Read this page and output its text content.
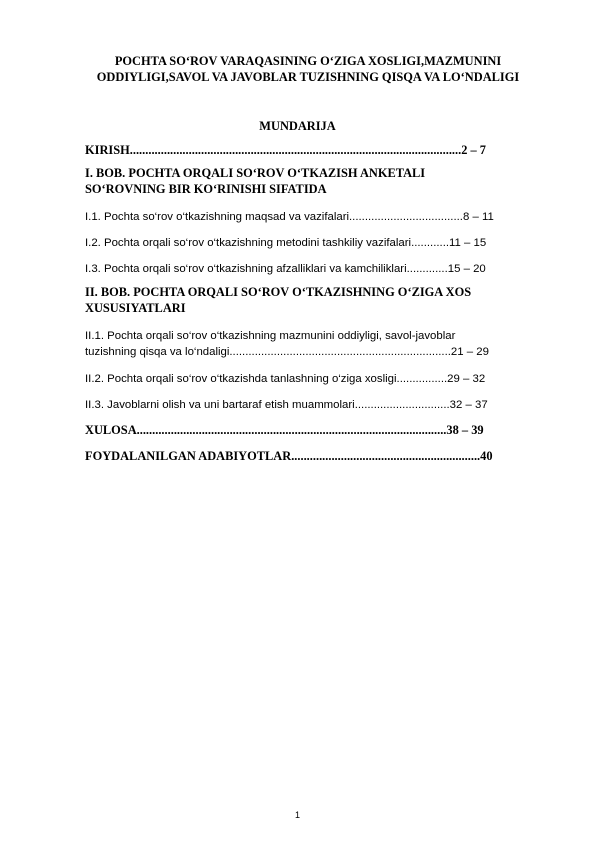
POCHTA SO‘ROV VARAQASINING O‘ZIGA XOSLIGI,MAZMUNINI ODDIYLIGI,SAVOL VA JAVOBLAR TUZISHNING QISQA VA LO‘NDALIGI

MUNDARIJA

KIRISH...........................................................................................................2 – 7
I. BOB. POCHTA ORQALI SO‘ROV O‘TKAZISH ANKETALI
SO‘ROVNING BIR KO‘RINISHI SIFATIDA
I.1. Pochta so‘rov o‘tkazishning maqsad va vazifalari....................................8 – 11
I.2. Pochta orqali so‘rov o‘tkazishning metodini tashkiliy vazifalari............11 – 15
I.3. Pochta orqali so‘rov o‘tkazishning afzalliklari va kamchiliklari.............15 – 20
II. BOB. POCHTA ORQALI SO‘ROV O‘TKAZISHNING O‘ZIGA XOS
XUSUSIYATLARI
II.1. Pochta orqali so‘rov o‘tkazishning mazmunini oddiyligi, savol-javoblar
tuzishning qisqa va lo‘ndaligi......................................................................21 – 29
II.2. Pochta orqali so‘rov o‘tkazishda tanlashning o‘ziga xosligi................29 – 32
II.3. Javoblarni olish va uni bartaraf etish muammolari..............................32 – 37
XULOSA....................................................................................................38 – 39
FOYDALANILGAN ADABIYOTLAR.............................................................40
1
